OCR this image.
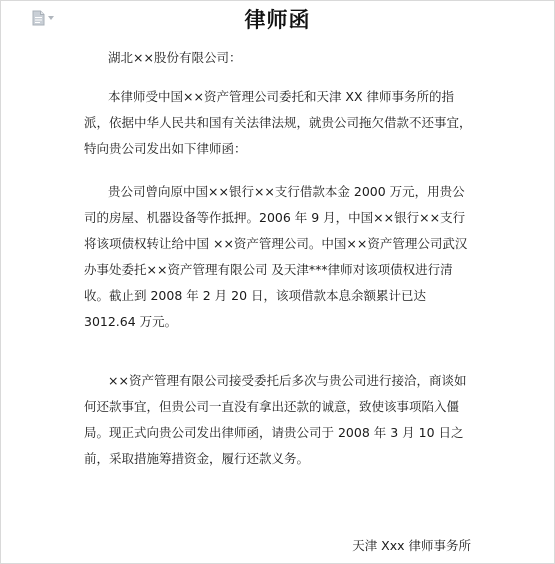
律师函
湖北××股份有限公司：

本律师受中国××资产管理公司委托和天津 XX 律师事务所的指派，依据中华人民共和国有关法律法规，就贵公司拖欠借款不还事宜，特向贵公司发出如下律师函：

贵公司曾向原中国××银行××支行借款本金 2000 万元，用贵公司的房屋、机器设备等作抵押。2006 年 9 月，中国××银行××支行将该项债权转让给中国 ××资产管理公司。中国××资产管理公司武汉办事处委托××资产管理有限公司 及天津***律师对该项债权进行清收。截止到 2008 年 2 月 20 日，该项借款本息余额累计已达 3012.64 万元。

××资产管理有限公司接受委托后多次与贵公司进行接洽，商谈如何还款事宜，但贵公司一直没有拿出还款的诚意，致使该事项陷入僵局。现正式向贵公司发出律师函，请贵公司于 2008 年 3 月 10 日之前，采取措施筹措资金，履行还款义务。

天津 Xxx 律师事务所
